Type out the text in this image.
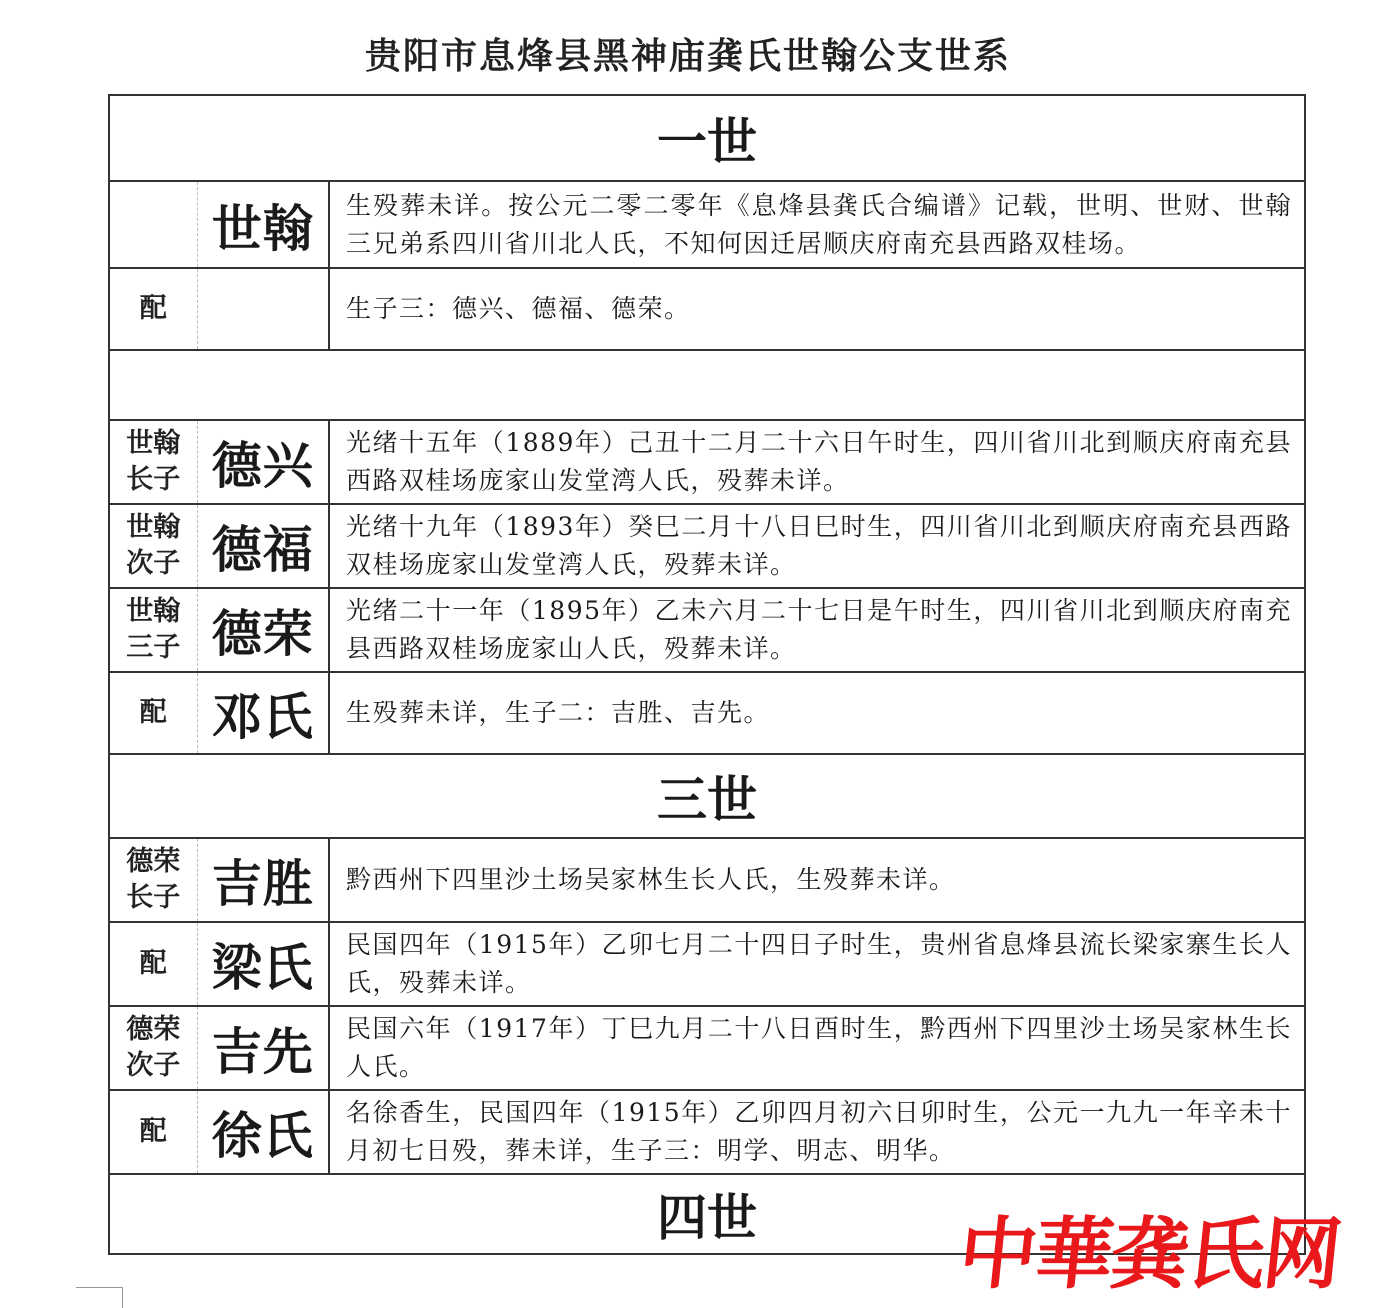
贵阳市息烽县黑神庙龚氏世翰公支世系
一世		
	世翰	生殁葬未详。按公元二零二零年《息烽县龚氏合编谱》记载，世明、世财、世翰三兄弟系四川省川北人氏，不知何因迁居顺庆府南充县西路双桂场。
配		生子三：德兴、德福、德荣。

世翰
长子	德兴	光绪十五年（1889年）己丑十二月二十六日午时生，四川省川北到顺庆府南充县西路双桂场庞家山发堂湾人氏，殁葬未详。

世翰
次子	德福	光绪十九年（1893年）癸巳二月十八日巳时生，四川省川北到顺庆府南充县西路双桂场庞家山发堂湾人氏，殁葬未详。

世翰
三子	德荣	光绪二十一年（1895年）乙未六月二十七日是午时生，四川省川北到顺庆府南充县西路双桂场庞家山人氏，殁葬未详。
配	邓氏	生殁葬未详，生子二：吉胜、吉先。
三世		

德荣
长子	吉胜	黔西州下四里沙土场吴家林生长人氏，生殁葬未详。
配	梁氏	民国四年（1915年）乙卯七月二十四日子时生，贵州省息烽县流长梁家寨生长人氏，殁葬未详。

德荣
次子	吉先	民国六年（1917年）丁巳九月二十八日酉时生，黔西州下四里沙土场吴家林生长人氏。
配	徐氏	名徐香生，民国四年（1915年）乙卯四月初六日卯时生，公元一九九一年辛未十月初七日殁，葬未详，生子三：明学、明志、明华。
四世			中華龚氏网
